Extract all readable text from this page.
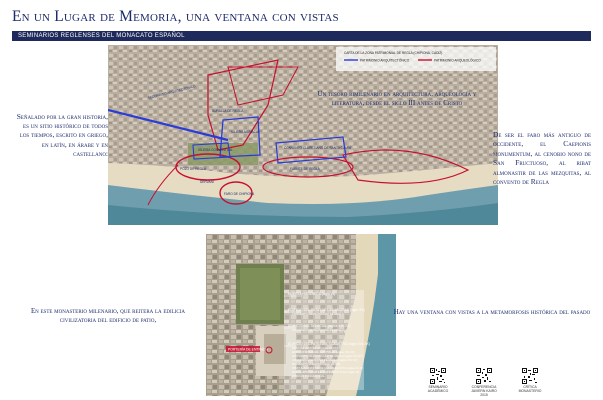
En un Lugar de Memoria, una ventana con vistas
SEMINARIOS REGLENSES DEL MONACATO ESPAÑOL
RECORRIDO ARQUITECTÓNICO
BURALLA DE REGLA
IGLESIA MONACAL
IGLESIA CONVENTUAL	CONVENTO CLARETIANO DE SANTA CLARA
POZO DE REGLA	FUENTE DE REGLA
DERVANI
FARO DE CHIPIONA
CARTA DE LA ZONA PATRIMONIAL DE REGLA (CHIPIONA, CÁDIZ)
PATRIMONIO ARQUITECTÓNICO	PATRIMONIO ARQUEOLÓGICO
Un tesoro bimilenario en arquitectura, arqueología y literatura, desde el siglo III antes de Cristo
Señalado por la gran historia, es un sitio histórico de todos los tiempos, escrito en griego, en latín, en árabe y en castellano:
De ser el faro más antiguo de occidente, el Caepionis monumentum, al cenobio nono de San Fructuoso, al ribat almonastir de las mezquitas, al convento de Regla
HUERTA HISTÓRICA (siglo VI)
EDIFICIO DEL PATIO DE LAS MIGRIAS (siglo XX)
CONVENTO FRANCISCANO DE REGLA
EDIFICIO DEL NOVICIAL (siglos XIX-XX)
CONVENTO FRANCISCANO DE REGLA
EDIFICIO DEL PATIO DEL CLAUSTRO (siglo XVI-XX)
EDIFICIO HISTÓRICO (siglo VII-XX)
EDIFICIO MONACAL CAPITULAR (siglos XIV-XV)
CONVENTO FRANCISCANO DE REGLA (siglos XIV-XV)
CONVENTO AGUSTINO DE REGLA (siglos XIV-XV)
MONACATO VISIGODO (siglo VII-VIII)
RIBAT ALMONASTIR DE LAS MEZQUITAS (siglos IX-XI)
MONACATO NONO DE SAN FRUCTUOSO (siglo VII)
EDIFICIO FUNDACIONAL
PORTERÍA DE ENTRADA
En este monasterio milenario, que reitera la edilicia civilizatoria del edificio de patio,
Hay una ventana con vistas a la metamorfosis histórica del pasado
SEMINARIO ACADÉMICO
CONFERENCIA JAVIERN KAIRO 2015
CRÍTICA MONASTERIO
